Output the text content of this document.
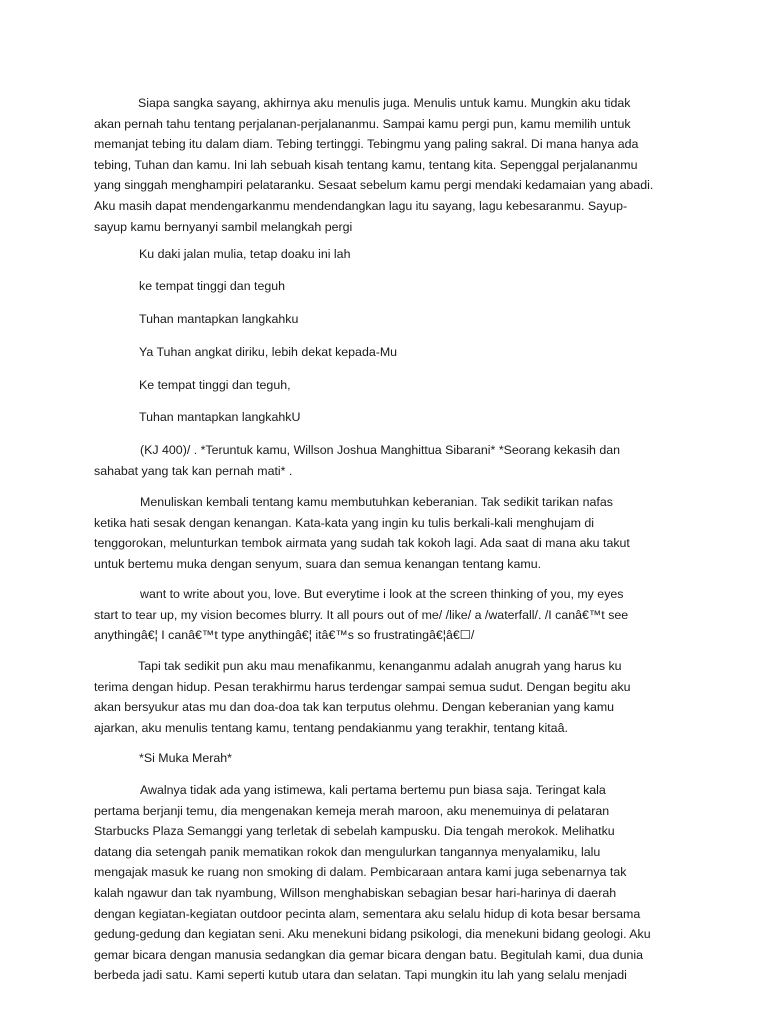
Siapa sangka sayang, akhirnya aku menulis juga. Menulis untuk kamu. Mungkin aku tidak

akan pernah tahu tentang perjalanan-perjalananmu. Sampai kamu pergi pun, kamu memilih untuk

memanjat tebing itu dalam diam. Tebing tertinggi. Tebingmu yang paling sakral. Di mana hanya ada

tebing, Tuhan dan kamu. Ini lah sebuah kisah tentang kamu, tentang kita. Sepenggal perjalananmu

yang singgah menghampiri pelataranku. Sesaat sebelum kamu pergi mendaki kedamaian yang abadi.

Aku masih dapat mendengarkanmu mendendangkan lagu itu sayang, lagu kebesaranmu. Sayup-

sayup kamu bernyanyi sambil melangkah pergi

Ku daki jalan mulia, tetap doaku ini lah

ke tempat tinggi dan teguh

Tuhan mantapkan langkahku

Ya Tuhan angkat diriku, lebih dekat kepada-Mu

Ke tempat tinggi dan teguh,

Tuhan mantapkan langkahkU

(KJ 400)/ . *Teruntuk kamu, Willson Joshua Manghittua Sibarani* *Seorang kekasih dan

sahabat yang tak kan pernah mati* .

Menuliskan kembali tentang kamu membutuhkan keberanian. Tak sedikit tarikan nafas

ketika hati sesak dengan kenangan. Kata-kata yang ingin ku tulis berkali-kali menghujam di

tenggorokan, melunturkan tembok airmata yang sudah tak kokoh lagi. Ada saat di mana aku takut

untuk bertemu muka dengan senyum, suara dan semua kenangan tentang kamu.

want to write about you, love. But everytime i look at the screen thinking of you, my eyes

start to tear up, my vision becomes blurry. It all pours out of me/ /like/ a /waterfall/. /I canâ€™t see

anythingâ€¦ I canâ€™t type anythingâ€¦ itâ€™s so frustratingâ€¦â€☐/

Tapi tak sedikit pun aku mau menafikanmu, kenanganmu adalah anugrah yang harus ku

terima dengan hidup. Pesan terakhirmu harus terdengar sampai semua sudut. Dengan begitu aku

akan bersyukur atas mu dan doa-doa tak kan terputus olehmu. Dengan keberanian yang kamu

ajarkan, aku menulis tentang kamu, tentang pendakianmu yang terakhir, tentang kitaâ.

*Si Muka Merah*

Awalnya tidak ada yang istimewa, kali pertama bertemu pun biasa saja. Teringat kala

pertama berjanji temu, dia mengenakan kemeja merah maroon, aku menemuinya di pelataran

Starbucks Plaza Semanggi yang terletak di sebelah kampusku. Dia tengah merokok. Melihatku

datang dia setengah panik mematikan rokok dan mengulurkan tangannya menyalamiku, lalu

mengajak masuk ke ruang non smoking di dalam. Pembicaraan antara kami juga sebenarnya tak

kalah ngawur dan tak nyambung, Willson menghabiskan sebagian besar hari-harinya di daerah

dengan kegiatan-kegiatan outdoor pecinta alam, sementara aku selalu hidup di kota besar bersama

gedung-gedung dan kegiatan seni. Aku menekuni bidang psikologi, dia menekuni bidang geologi. Aku

gemar bicara dengan manusia sedangkan dia gemar bicara dengan batu. Begitulah kami, dua dunia

berbeda jadi satu. Kami seperti kutub utara dan selatan. Tapi mungkin itu lah yang selalu menjadi
